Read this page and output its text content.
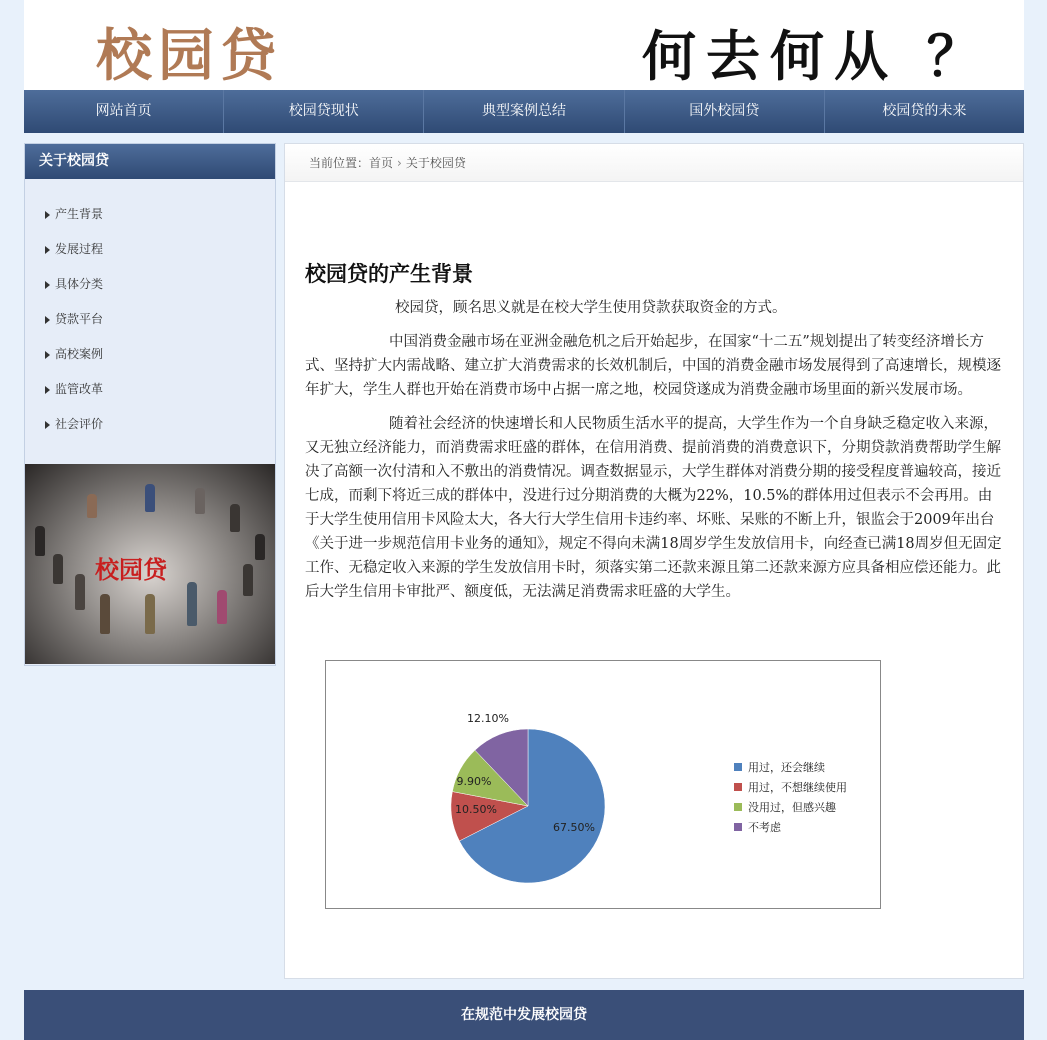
校园贷	何去何从 ？
网站首页	校园贷现状	典型案例总结	国外校园贷	校园贷的未来
关于校园贷
产生背景
发展过程
具体分类
贷款平台
高校案例
监管改革
社会评价
校园贷
当前位置：首页 › 关于校园贷
校园贷的产生背景

校园贷，顾名思义就是在校大学生使用贷款获取资金的方式。

中国消费金融市场在亚洲金融危机之后开始起步，在国家“十二五”规划提出了转变经济增长方式、坚持扩大内需战略、建立扩大消费需求的长效机制后，中国的消费金融市场发展得到了高速增长，规模逐年扩大，学生人群也开始在消费市场中占据一席之地，校园贷遂成为消费金融市场里面的新兴发展市场。

随着社会经济的快速增长和人民物质生活水平的提高，大学生作为一个自身缺乏稳定收入来源，又无独立经济能力，而消费需求旺盛的群体，在信用消费、提前消费的消费意识下，分期贷款消费帮助学生解决了高额一次付清和入不敷出的消费情况。调查数据显示，大学生群体对消费分期的接受程度普遍较高，接近七成，而剩下将近三成的群体中，没进行过分期消费的大概为22%，10.5%的群体用过但表示不会再用。由于大学生使用信用卡风险太大，各大行大学生信用卡违约率、坏账、呆账的不断上升，银监会于2009年出台《关于进一步规范信用卡业务的通知》，规定不得向未满18周岁学生发放信用卡，向经查已满18周岁但无固定工作、无稳定收入来源的学生发放信用卡时，须落实第二还款来源且第二还款来源方应具备相应偿还能力。此后大学生信用卡审批严、额度低，无法满足消费需求旺盛的大学生。

67.50%
用过，还会继续
10.50%
用过，不想继续使用
9.90%
没用过，但感兴趣
12.10%
不考虑
在规范中发展校园贷
